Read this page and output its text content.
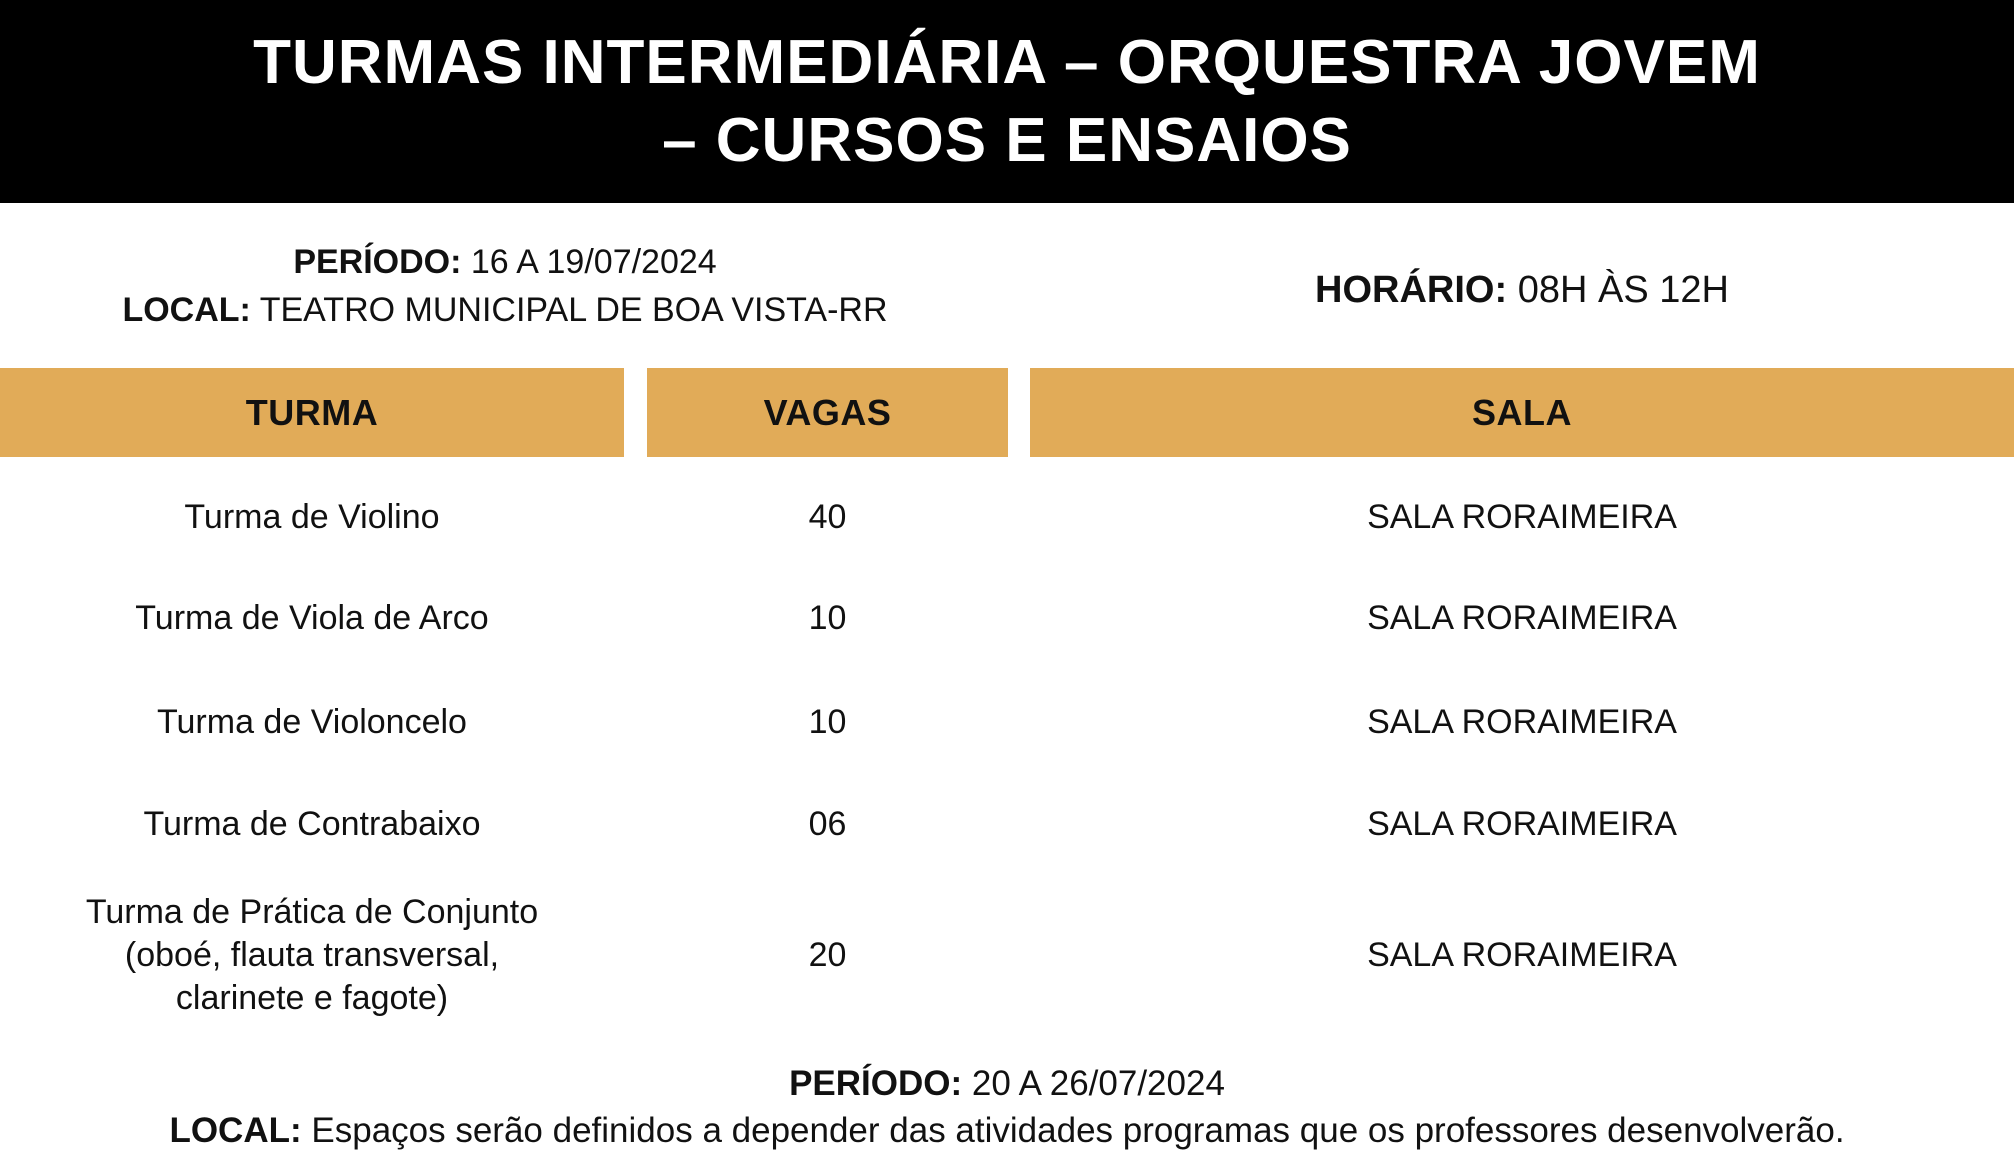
TURMAS INTERMEDIÁRIA – ORQUESTRA JOVEM
– CURSOS E ENSAIOS
PERÍODO: 16 A 19/07/2024
LOCAL: TEATRO MUNICIPAL DE BOA VISTA-RR	HORÁRIO: 08H ÀS 12H
TURMA	VAGAS	SALA
Turma de Violino	40	SALA RORAIMEIRA
Turma de Viola de Arco	10	SALA RORAIMEIRA
Turma de Violoncelo	10	SALA RORAIMEIRA
Turma de Contrabaixo	06	SALA RORAIMEIRA
Turma de Prática de Conjunto
(oboé, flauta transversal,
clarinete e fagote)
20	SALA RORAIMEIRA
PERÍODO: 20 A 26/07/2024
LOCAL: Espaços serão definidos a depender das atividades programas que os professores desenvolverão.
